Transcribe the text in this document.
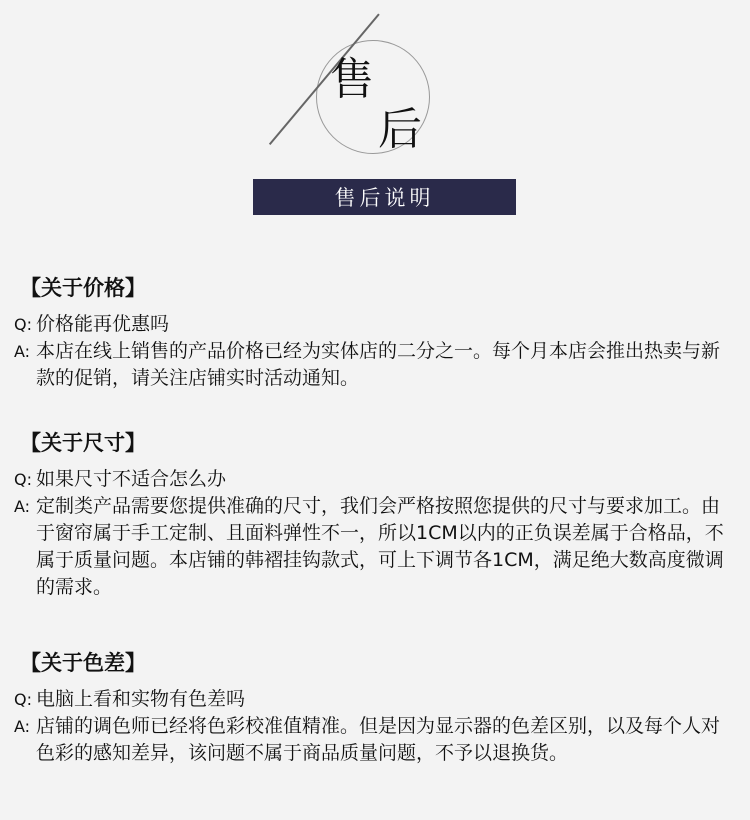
售
后
售后说明
【关于价格】

Q: 价格能再优惠吗

A: 本店在线上销售的产品价格已经为实体店的二分之一。每个月本店会推出热卖与新款的促销，请关注店铺实时活动通知。

【关于尺寸】

Q: 如果尺寸不适合怎么办

A: 定制类产品需要您提供准确的尺寸，我们会严格按照您提供的尺寸与要求加工。由于窗帘属于手工定制、且面料弹性不一，所以1CM以内的正负误差属于合格品，不属于质量问题。本店铺的韩褶挂钩款式，可上下调节各1CM，满足绝大数高度微调的需求。

【关于色差】

Q: 电脑上看和实物有色差吗

A: 店铺的调色师已经将色彩校准值精准。但是因为显示器的色差区别，以及每个人对色彩的感知差异，该问题不属于商品质量问题，不予以退换货。
